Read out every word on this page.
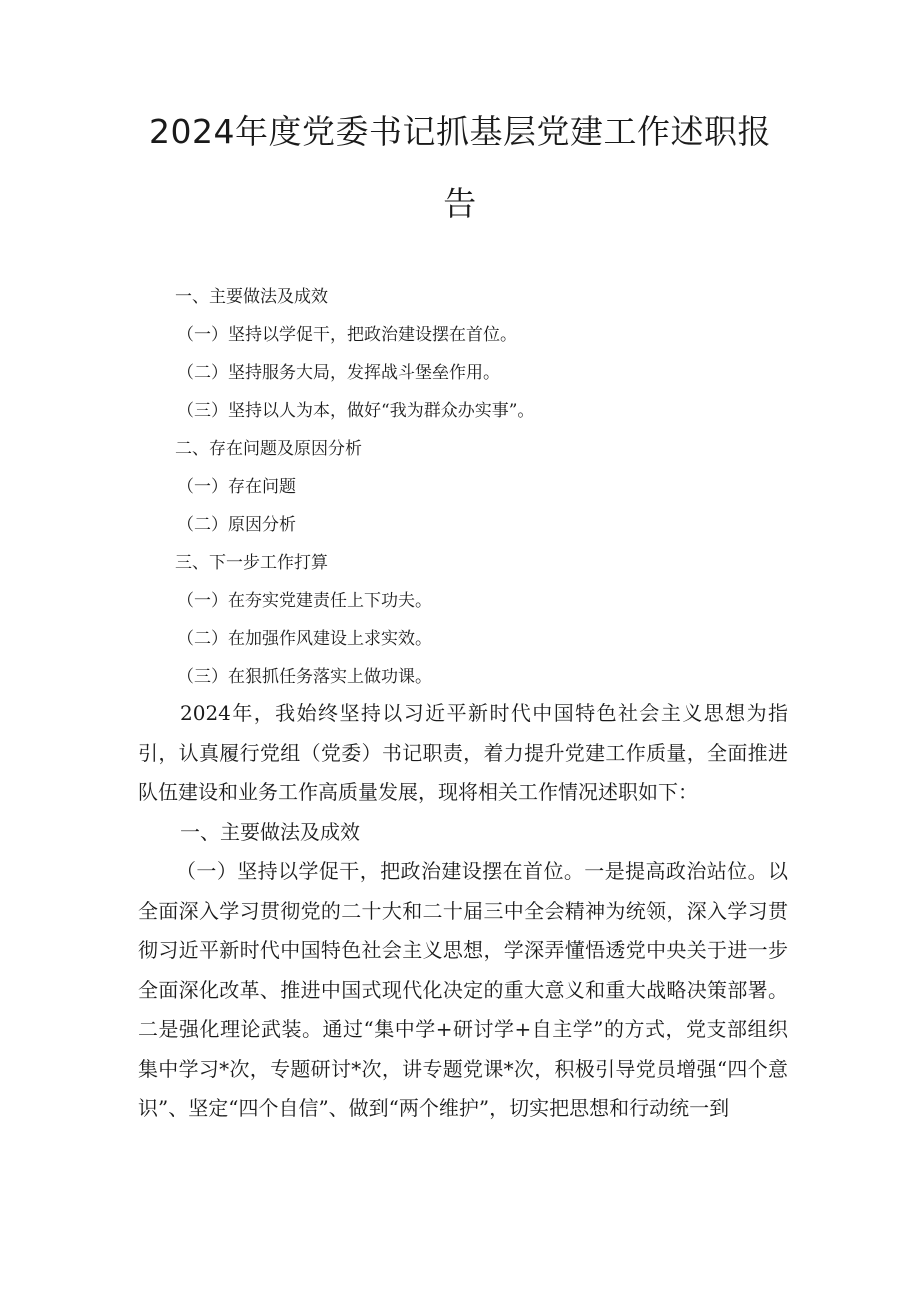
2024年度党委书记抓基层党建工作述职报告
一、主要做法及成效
（一）坚持以学促干，把政治建设摆在首位。
（二）坚持服务大局，发挥战斗堡垒作用。
（三）坚持以人为本，做好“我为群众办实事”。
二、存在问题及原因分析
（一）存在问题
（二）原因分析
三、下一步工作打算
（一）在夯实党建责任上下功夫。
（二）在加强作风建设上求实效。
（三）在狠抓任务落实上做功课。

2024年，我始终坚持以习近平新时代中国特色社会主义思想为指引，认真履行党组（党委）书记职责，着力提升党建工作质量，全面推进队伍建设和业务工作高质量发展，现将相关工作情况述职如下：

一、主要做法及成效

（一）坚持以学促干，把政治建设摆在首位。一是提高政治站位。以全面深入学习贯彻党的二十大和二十届三中全会精神为统领，深入学习贯彻习近平新时代中国特色社会主义思想，学深弄懂悟透党中央关于进一步全面深化改革、推进中国式现代化决定的重大意义和重大战略决策部署。二是强化理论武装。通过“集中学+研讨学+自主学”的方式，党支部组织集中学习*次，专题研讨*次，讲专题党课*次，积极引导党员增强“四个意识”、坚定“四个自信”、做到“两个维护”，切实把思想和行动统一到
